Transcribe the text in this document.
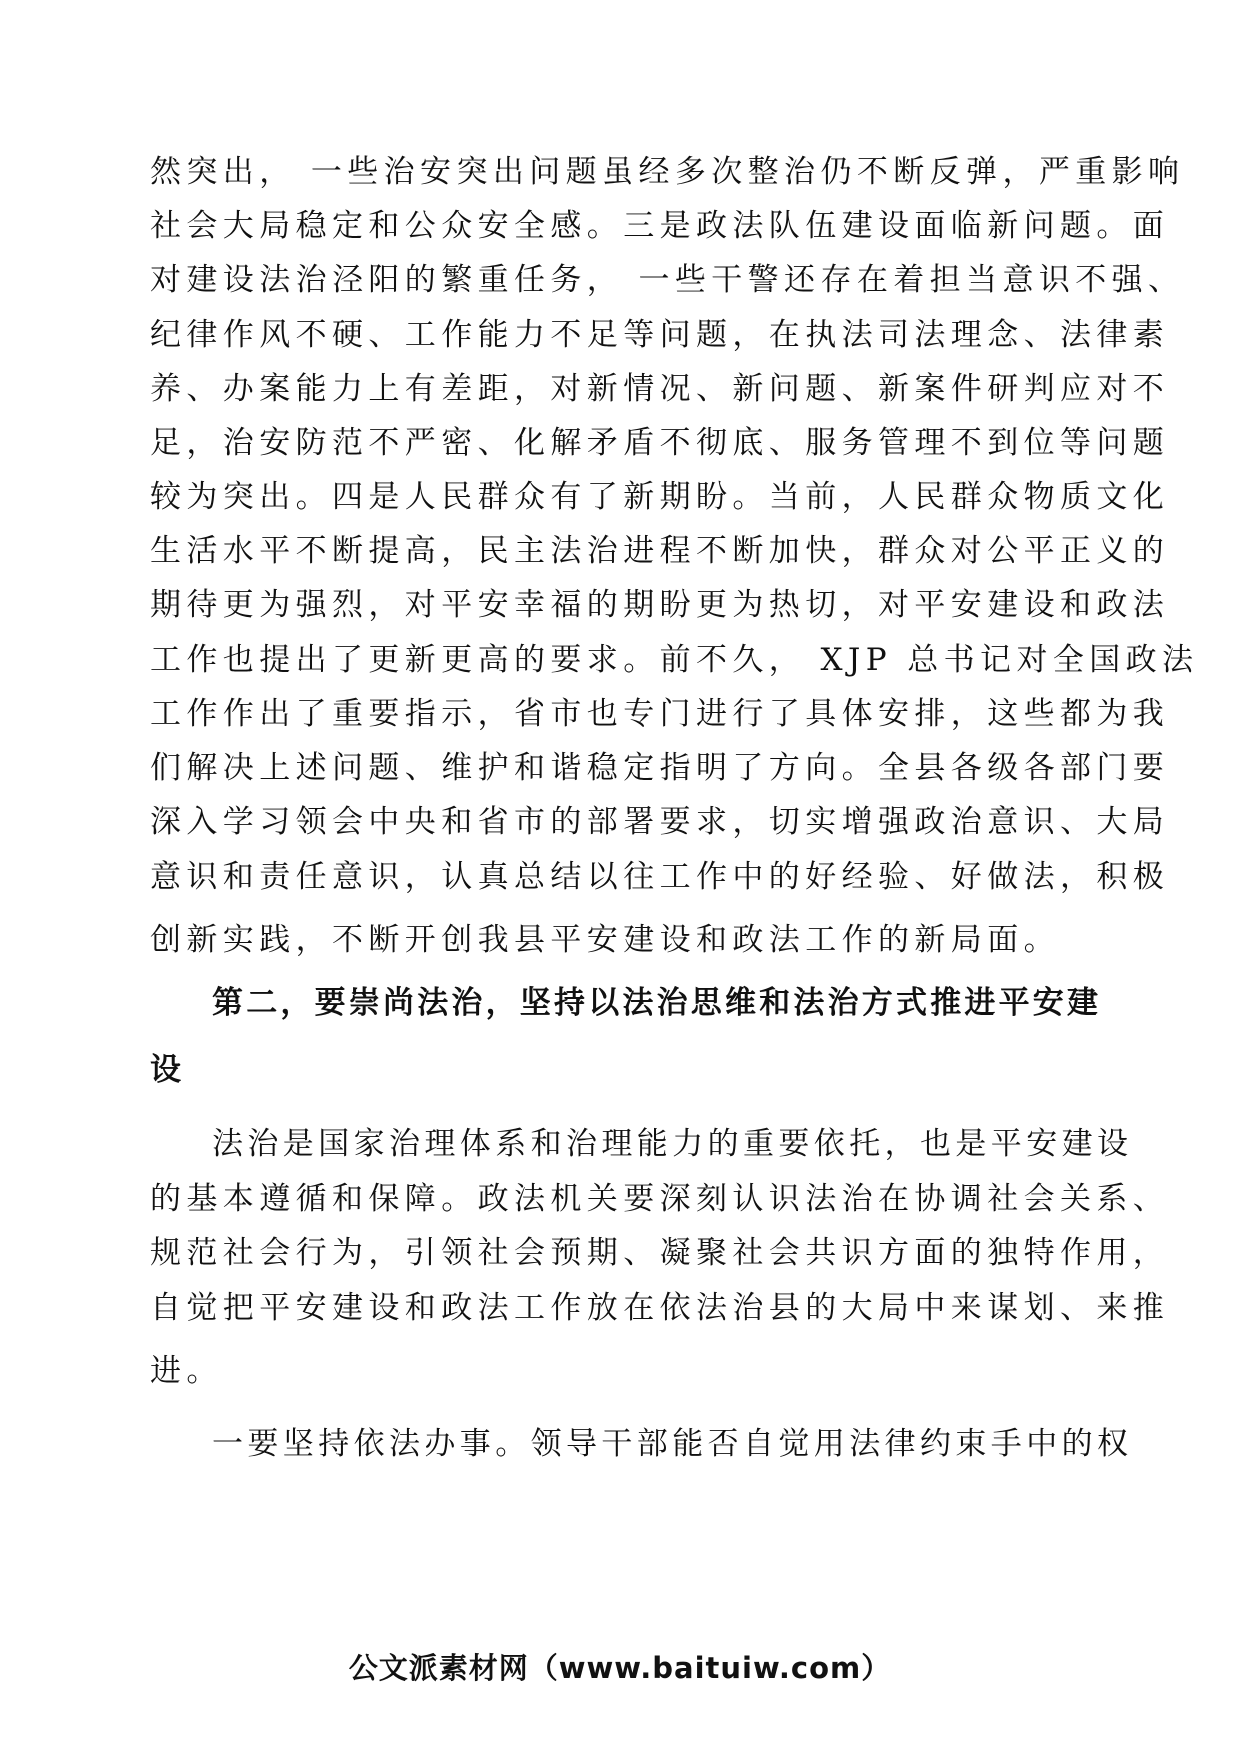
然突出， 一些治安突出问题虽经多次整治仍不断反弹，严重影响
社会大局稳定和公众安全感。三是政法队伍建设面临新问题。面
对建设法治泾阳的繁重任务， 一些干警还存在着担当意识不强、
纪律作风不硬、工作能力不足等问题，在执法司法理念、法律素
养、办案能力上有差距，对新情况、新问题、新案件研判应对不
足，治安防范不严密、化解矛盾不彻底、服务管理不到位等问题
较为突出。四是人民群众有了新期盼。当前，人民群众物质文化
生活水平不断提高，民主法治进程不断加快，群众对公平正义的
期待更为强烈，对平安幸福的期盼更为热切，对平安建设和政法
工作也提出了更新更高的要求。前不久， XJP 总书记对全国政法
工作作出了重要指示，省市也专门进行了具体安排，这些都为我
们解决上述问题、维护和谐稳定指明了方向。全县各级各部门要
深入学习领会中央和省市的部署要求，切实增强政治意识、大局
意识和责任意识，认真总结以往工作中的好经验、好做法，积极
创新实践，不断开创我县平安建设和政法工作的新局面。
第二，要崇尚法治，坚持以法治思维和法治方式推进平安建
设
法治是国家治理体系和治理能力的重要依托，也是平安建设
的基本遵循和保障。政法机关要深刻认识法治在协调社会关系、
规范社会行为，引领社会预期、凝聚社会共识方面的独特作用，
自觉把平安建设和政法工作放在依法治县的大局中来谋划、来推
进。
一要坚持依法办事。领导干部能否自觉用法律约束手中的权
公文派素材网（www.baituiw.com）
